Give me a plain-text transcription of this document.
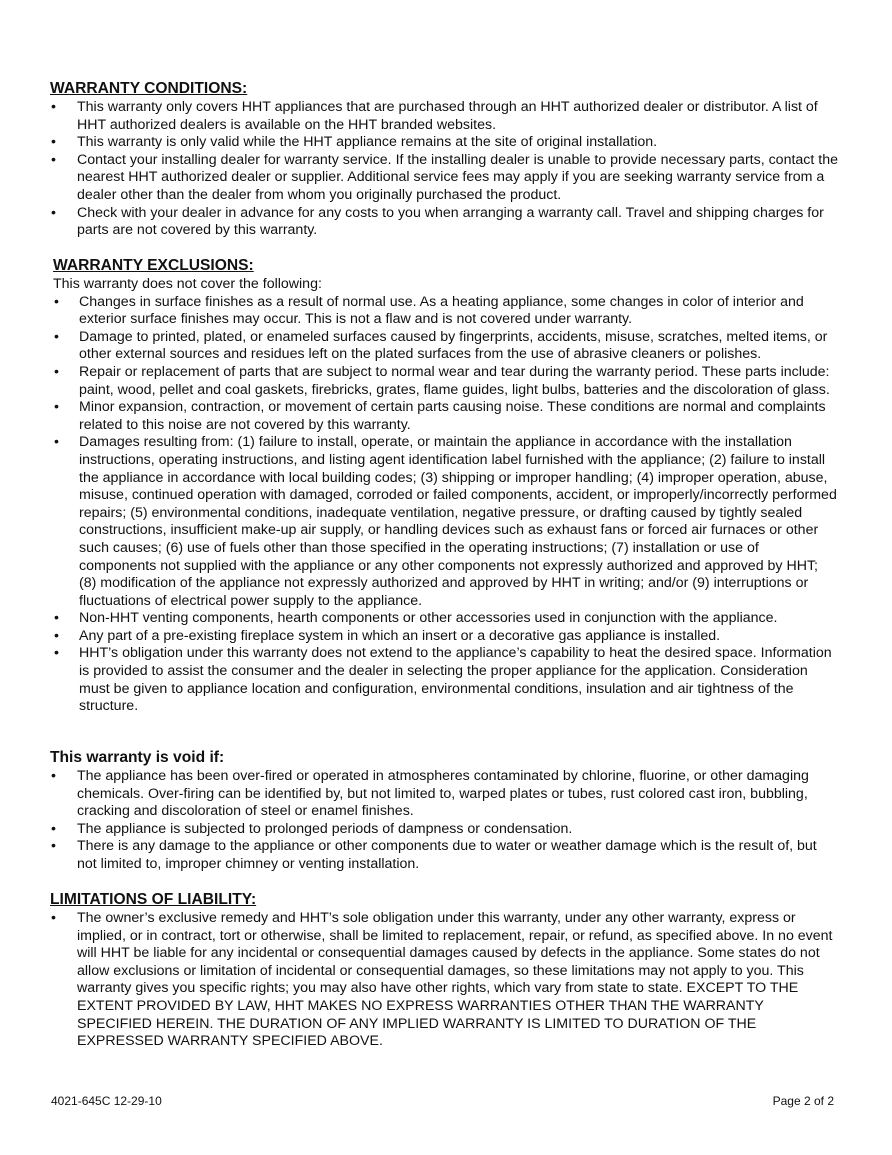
WARRANTY CONDITIONS:
• This warranty only covers HHT appliances that are purchased through an HHT authorized dealer or distributor. A list of HHT authorized dealers is available on the HHT branded websites.
• This warranty is only valid while the HHT appliance remains at the site of original installation.
• Contact your installing dealer for warranty service. If the installing dealer is unable to provide necessary parts, contact the nearest HHT authorized dealer or supplier. Additional service fees may apply if you are seeking warranty service from a dealer other than the dealer from whom you originally purchased the product.
• Check with your dealer in advance for any costs to you when arranging a warranty call. Travel and shipping charges for parts are not covered by this warranty.
WARRANTY EXCLUSIONS:

This warranty does not cover the following:

• Changes in surface finishes as a result of normal use. As a heating appliance, some changes in color of interior and exterior surface finishes may occur. This is not a flaw and is not covered under warranty.
• Damage to printed, plated, or enameled surfaces caused by fingerprints, accidents, misuse, scratches, melted items, or other external sources and residues left on the plated surfaces from the use of abrasive cleaners or polishes.
• Repair or replacement of parts that are subject to normal wear and tear during the warranty period. These parts include: paint, wood, pellet and coal gaskets, firebricks, grates, flame guides, light bulbs, batteries and the discoloration of glass.
• Minor expansion, contraction, or movement of certain parts causing noise. These conditions are normal and complaints related to this noise are not covered by this warranty.
• Damages resulting from: (1) failure to install, operate, or maintain the appliance in accordance with the installation instructions, operating instructions, and listing agent identification label furnished with the appliance; (2) failure to install the appliance in accordance with local building codes; (3) shipping or improper handling; (4) improper operation, abuse, misuse, continued operation with damaged, corroded or failed components, accident, or improperly/incorrectly performed repairs; (5) environmental conditions, inadequate ventilation, negative pressure, or drafting caused by tightly sealed constructions, insufficient make-up air supply, or handling devices such as exhaust fans or forced air furnaces or other such causes; (6) use of fuels other than those specified in the operating instructions; (7) installation or use of components not supplied with the appliance or any other components not expressly authorized and approved by HHT; (8) modification of the appliance not expressly authorized and approved by HHT in writing; and/or (9) interruptions or fluctuations of electrical power supply to the appliance.
• Non-HHT venting components, hearth components or other accessories used in conjunction with the appliance.
• Any part of a pre-existing fireplace system in which an insert or a decorative gas appliance is installed.
• HHT’s obligation under this warranty does not extend to the appliance’s capability to heat the desired space. Information is provided to assist the consumer and the dealer in selecting the proper appliance for the application. Consideration must be given to appliance location and configuration, environmental conditions, insulation and air tightness of the structure.
This warranty is void if:
• The appliance has been over-fired or operated in atmospheres contaminated by chlorine, fluorine, or other damaging chemicals. Over-firing can be identified by, but not limited to, warped plates or tubes, rust colored cast iron, bubbling, cracking and discoloration of steel or enamel finishes.
• The appliance is subjected to prolonged periods of dampness or condensation.
• There is any damage to the appliance or other components due to water or weather damage which is the result of, but not limited to, improper chimney or venting installation.
LIMITATIONS OF LIABILITY:
• The owner’s exclusive remedy and HHT’s sole obligation under this warranty, under any other warranty, express or implied, or in contract, tort or otherwise, shall be limited to replacement, repair, or refund, as specified above. In no event will HHT be liable for any incidental or consequential damages caused by defects in the appliance. Some states do not allow exclusions or limitation of incidental or consequential damages, so these limitations may not apply to you. This warranty gives you specific rights; you may also have other rights, which vary from state to state. EXCEPT TO THE EXTENT PROVIDED BY LAW, HHT MAKES NO EXPRESS WARRANTIES OTHER THAN THE WARRANTY SPECIFIED HEREIN. THE DURATION OF ANY IMPLIED WARRANTY IS LIMITED TO DURATION OF THE EXPRESSED WARRANTY SPECIFIED ABOVE.
4021-645C 12-29-10	Page 2 of 2
